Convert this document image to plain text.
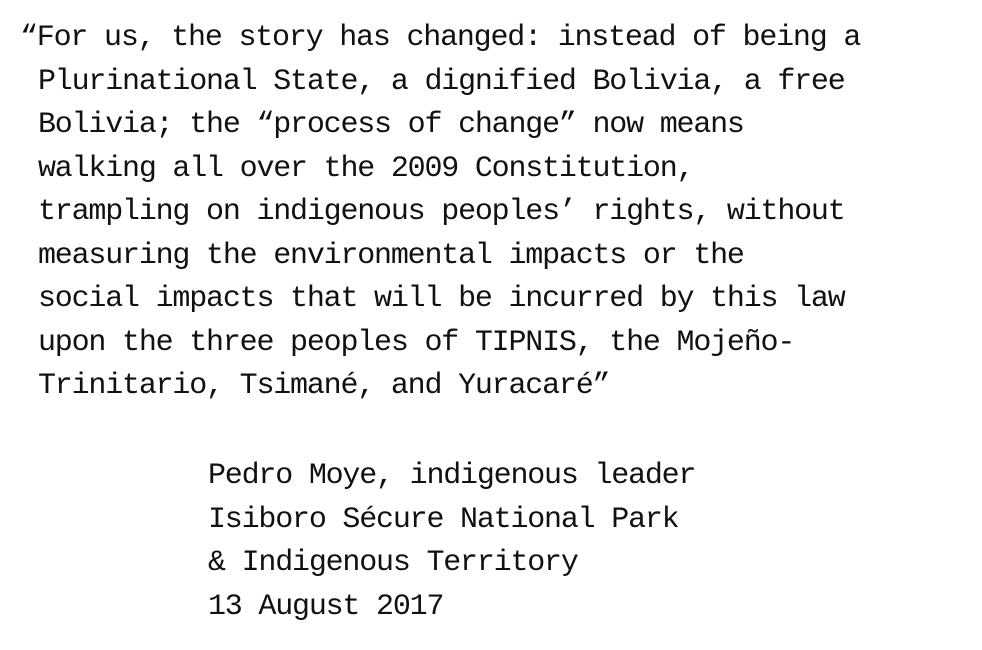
“For us, the story has changed: instead of being a
Plurinational State, a dignified Bolivia, a free
Bolivia; the “process of change” now means
walking all over the 2009 Constitution,
trampling on indigenous peoples’ rights, without
measuring the environmental impacts or the
social impacts that will be incurred by this law
upon the three peoples of TIPNIS, the Mojeño-
Trinitario, Tsimané, and Yuracaré”
Pedro Moye, indigenous leader
Isiboro Sécure National Park
& Indigenous Territory
13 August 2017
